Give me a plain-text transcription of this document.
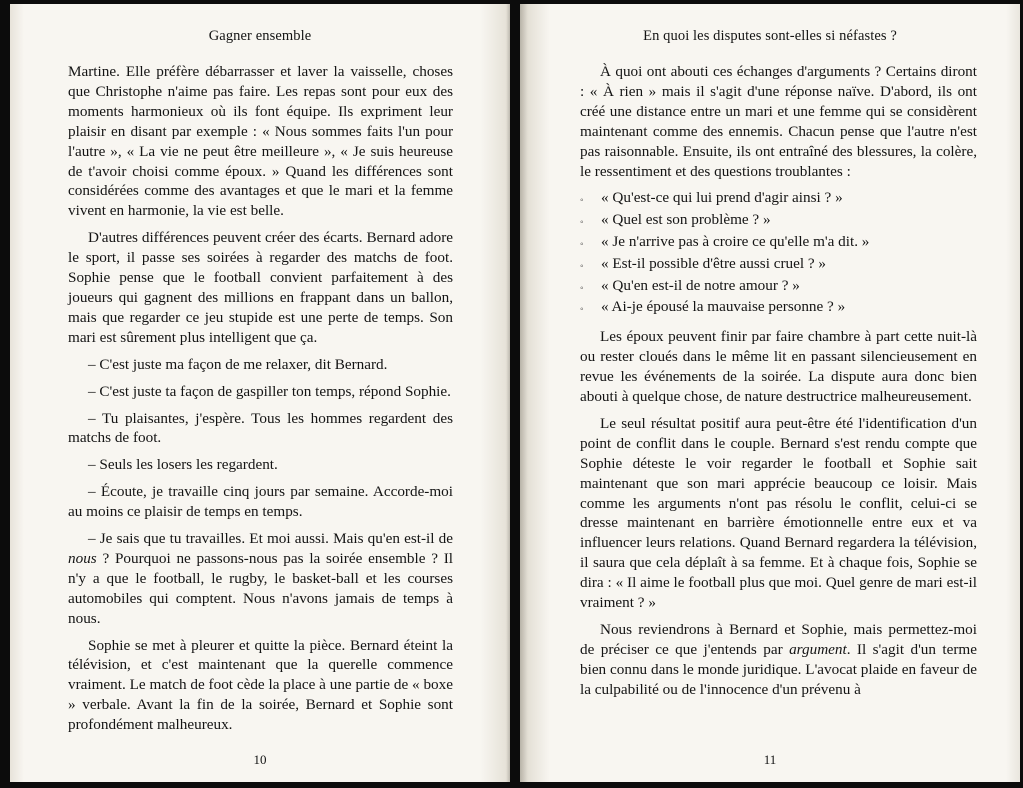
Gagner ensemble

Martine. Elle préfère débarrasser et laver la vaisselle, choses que Christophe n'aime pas faire. Les repas sont pour eux des moments harmonieux où ils font équipe. Ils expriment leur plaisir en disant par exemple : « Nous sommes faits l'un pour l'autre », « La vie ne peut être meilleure », « Je suis heureuse de t'avoir choisi comme époux. » Quand les différences sont considérées comme des avantages et que le mari et la femme vivent en harmonie, la vie est belle.

D'autres différences peuvent créer des écarts. Bernard adore le sport, il passe ses soirées à regarder des matchs de foot. Sophie pense que le football convient parfaitement à des joueurs qui gagnent des millions en frappant dans un ballon, mais que regarder ce jeu stupide est une perte de temps. Son mari est sûrement plus intelligent que ça.

– C'est juste ma façon de me relaxer, dit Bernard.

– C'est juste ta façon de gaspiller ton temps, répond Sophie.

– Tu plaisantes, j'espère. Tous les hommes regardent des matchs de foot.

– Seuls les losers les regardent.

– Écoute, je travaille cinq jours par semaine. Accorde-moi au moins ce plaisir de temps en temps.

– Je sais que tu travailles. Et moi aussi. Mais qu'en est-il de nous ? Pourquoi ne passons-nous pas la soirée ensemble ? Il n'y a que le football, le rugby, le basket-ball et les courses automobiles qui comptent. Nous n'avons jamais de temps à nous.

Sophie se met à pleurer et quitte la pièce. Bernard éteint la télévision, et c'est maintenant que la querelle commence vraiment. Le match de foot cède la place à une partie de « boxe » verbale. Avant la fin de la soirée, Bernard et Sophie sont profondément malheureux.

10
En quoi les disputes sont-elles si néfastes ?

À quoi ont abouti ces échanges d'arguments ? Certains diront : « À rien » mais il s'agit d'une réponse naïve. D'abord, ils ont créé une distance entre un mari et une femme qui se considèrent maintenant comme des ennemis. Chacun pense que l'autre n'est pas raisonnable. Ensuite, ils ont entraîné des blessures, la colère, le ressentiment et des questions troublantes :

◦ « Qu'est-ce qui lui prend d'agir ainsi ? »
◦ « Quel est son problème ? »
◦ « Je n'arrive pas à croire ce qu'elle m'a dit. »
◦ « Est-il possible d'être aussi cruel ? »
◦ « Qu'en est-il de notre amour ? »
◦ « Ai-je épousé la mauvaise personne ? »

Les époux peuvent finir par faire chambre à part cette nuit-là ou rester cloués dans le même lit en passant silencieusement en revue les événements de la soirée. La dispute aura donc bien abouti à quelque chose, de nature destructrice malheureusement.

Le seul résultat positif aura peut-être été l'identification d'un point de conflit dans le couple. Bernard s'est rendu compte que Sophie déteste le voir regarder le football et Sophie sait maintenant que son mari apprécie beaucoup ce loisir. Mais comme les arguments n'ont pas résolu le conflit, celui-ci se dresse maintenant en barrière émotionnelle entre eux et va influencer leurs relations. Quand Bernard regardera la télévision, il saura que cela déplaît à sa femme. Et à chaque fois, Sophie se dira : « Il aime le football plus que moi. Quel genre de mari est-il vraiment ? »

Nous reviendrons à Bernard et Sophie, mais permettez-moi de préciser ce que j'entends par argument. Il s'agit d'un terme bien connu dans le monde juridique. L'avocat plaide en faveur de la culpabilité ou de l'innocence d'un prévenu à

11
